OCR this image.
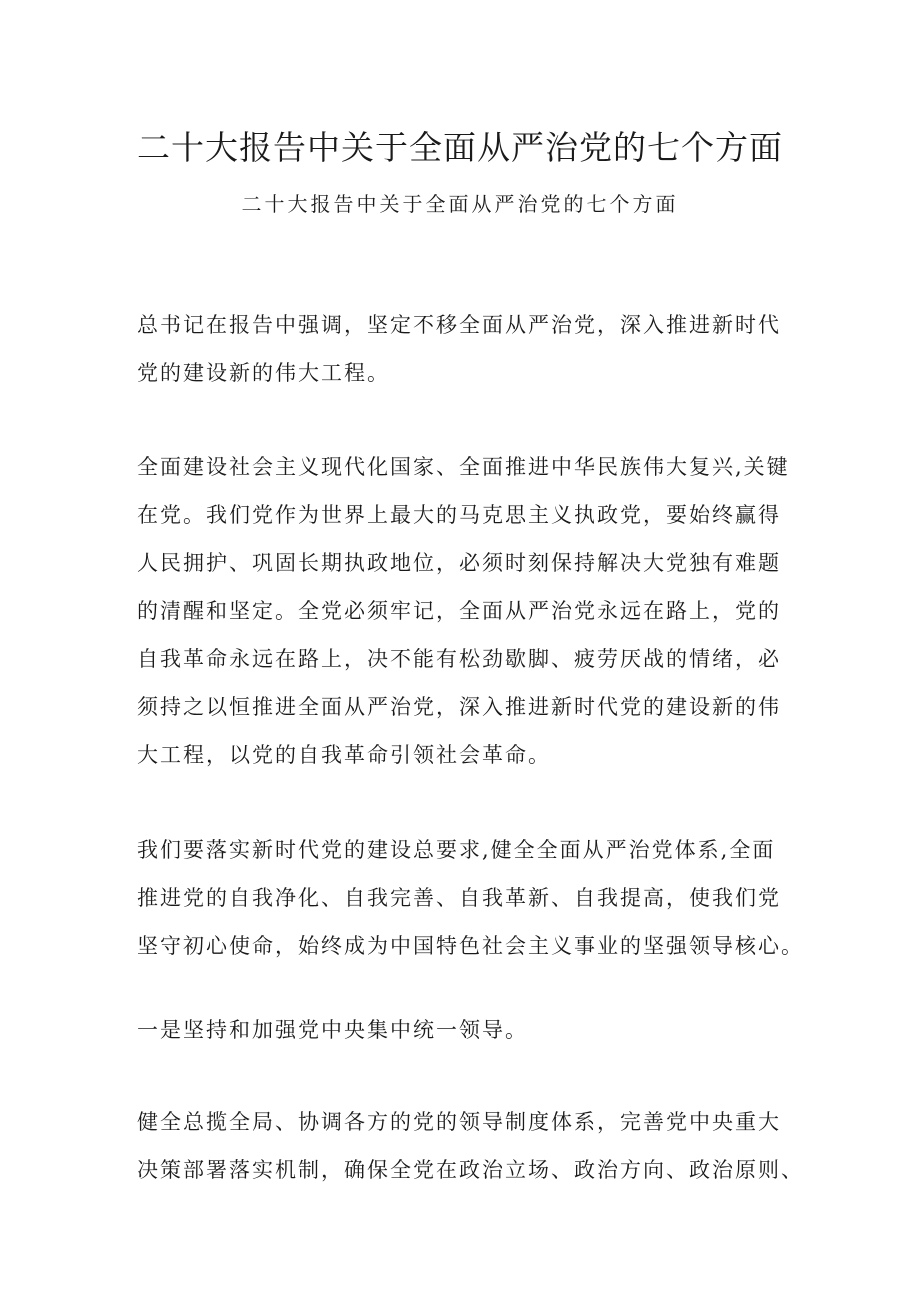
二十大报告中关于全面从严治党的七个方面
二十大报告中关于全面从严治党的七个方面

总书记在报告中强调，坚定不移全面从严治党，深入推进新时代
党的建设新的伟大工程。

全面建设社会主义现代化国家、全面推进中华民族伟大复兴,关键
在党。我们党作为世界上最大的马克思主义执政党，要始终赢得
人民拥护、巩固长期执政地位，必须时刻保持解决大党独有难题
的清醒和坚定。全党必须牢记，全面从严治党永远在路上，党的
自我革命永远在路上，决不能有松劲歇脚、疲劳厌战的情绪，必
须持之以恒推进全面从严治党，深入推进新时代党的建设新的伟
大工程，以党的自我革命引领社会革命。

我们要落实新时代党的建设总要求,健全全面从严治党体系,全面
推进党的自我净化、自我完善、自我革新、自我提高，使我们党
坚守初心使命，始终成为中国特色社会主义事业的坚强领导核心。

一是坚持和加强党中央集中统一领导。

健全总揽全局、协调各方的党的领导制度体系，完善党中央重大
决策部署落实机制，确保全党在政治立场、政治方向、政治原则、
